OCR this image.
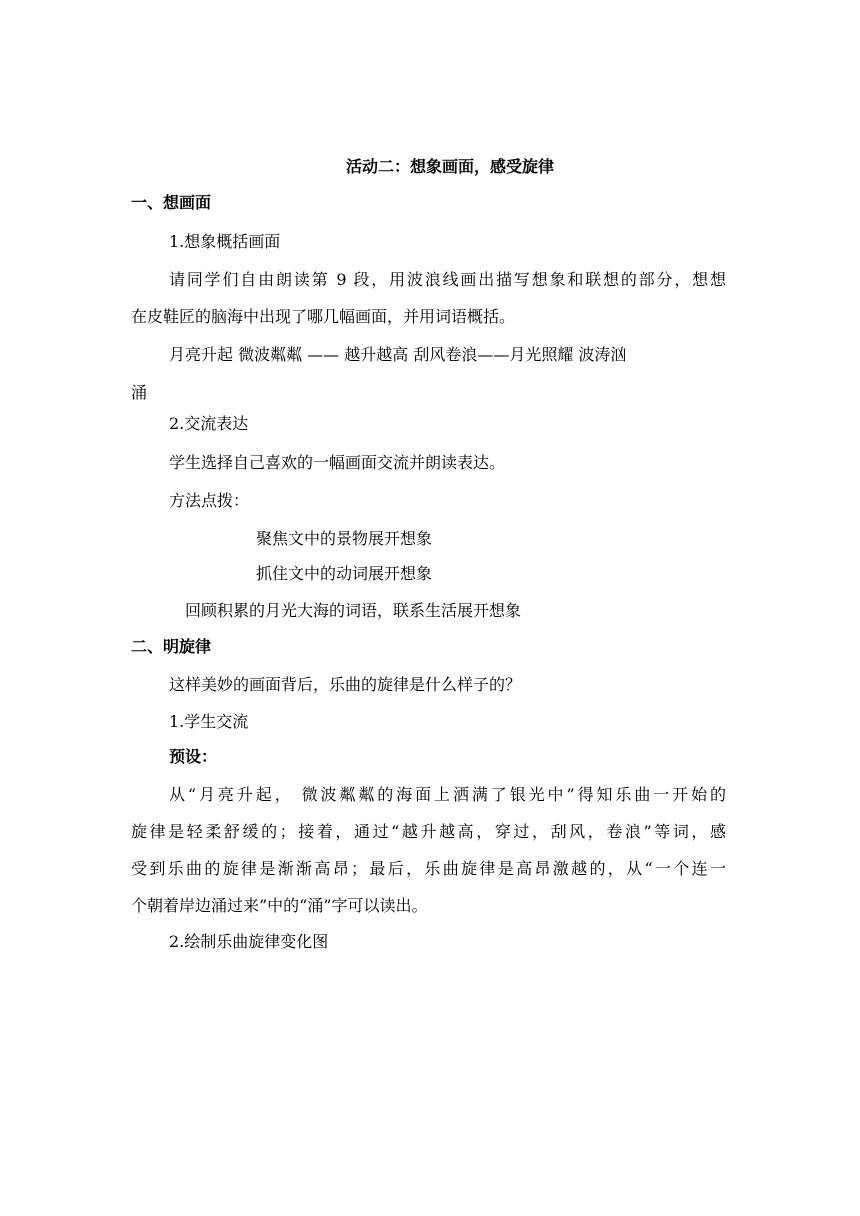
活动二：想象画面，感受旋律
一、想画面
1.想象概括画面
请同学们自由朗读第 9 段，用波浪线画出描写想象和联想的部分，想想
在皮鞋匠的脑海中出现了哪几幅画面，并用词语概括。
月亮升起 微波粼粼 —— 越升越高 刮风卷浪——月光照耀 波涛汹
涌
2.交流表达
学生选择自己喜欢的一幅画面交流并朗读表达。
方法点拨：
聚焦文中的景物展开想象
抓住文中的动词展开想象
回顾积累的月光大海的词语，联系生活展开想象
二、明旋律
这样美妙的画面背后，乐曲的旋律是什么样子的？
1.学生交流
预设：
从“月亮升起， 微波粼粼的海面上洒满了银光中”得知乐曲一开始的
旋律是轻柔舒缓的；接着，通过“越升越高，穿过，刮风，卷浪”等词，感
受到乐曲的旋律是渐渐高昂；最后，乐曲旋律是高昂激越的，从“一个连一
个朝着岸边涌过来”中的“涌”字可以读出。
2.绘制乐曲旋律变化图
